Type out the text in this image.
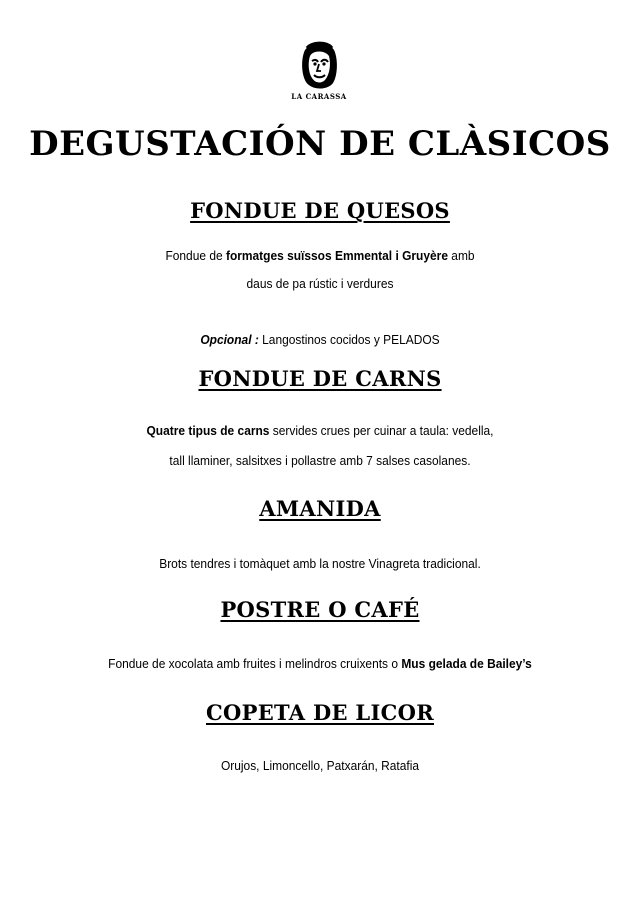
LA CARASSA
DEGUSTACIÓN DE CLÀSICOS
FONDUE DE QUESOS
Fondue de formatges suïssos Emmental i Gruyère amb
daus de pa rústic i verdures
Opcional : Langostinos cocidos y PELADOS
FONDUE DE CARNS
Quatre tipus de carns servides crues per cuinar a taula: vedella,
tall llaminer, salsitxes i pollastre amb 7 salses casolanes.
AMANIDA
Brots tendres i tomàquet amb la nostre Vinagreta tradicional.
POSTRE O CAFÉ
Fondue de xocolata amb fruites i melindros cruixents o Mus gelada de Bailey’s
COPETA DE LICOR
Orujos, Limoncello, Patxarán, Ratafia
